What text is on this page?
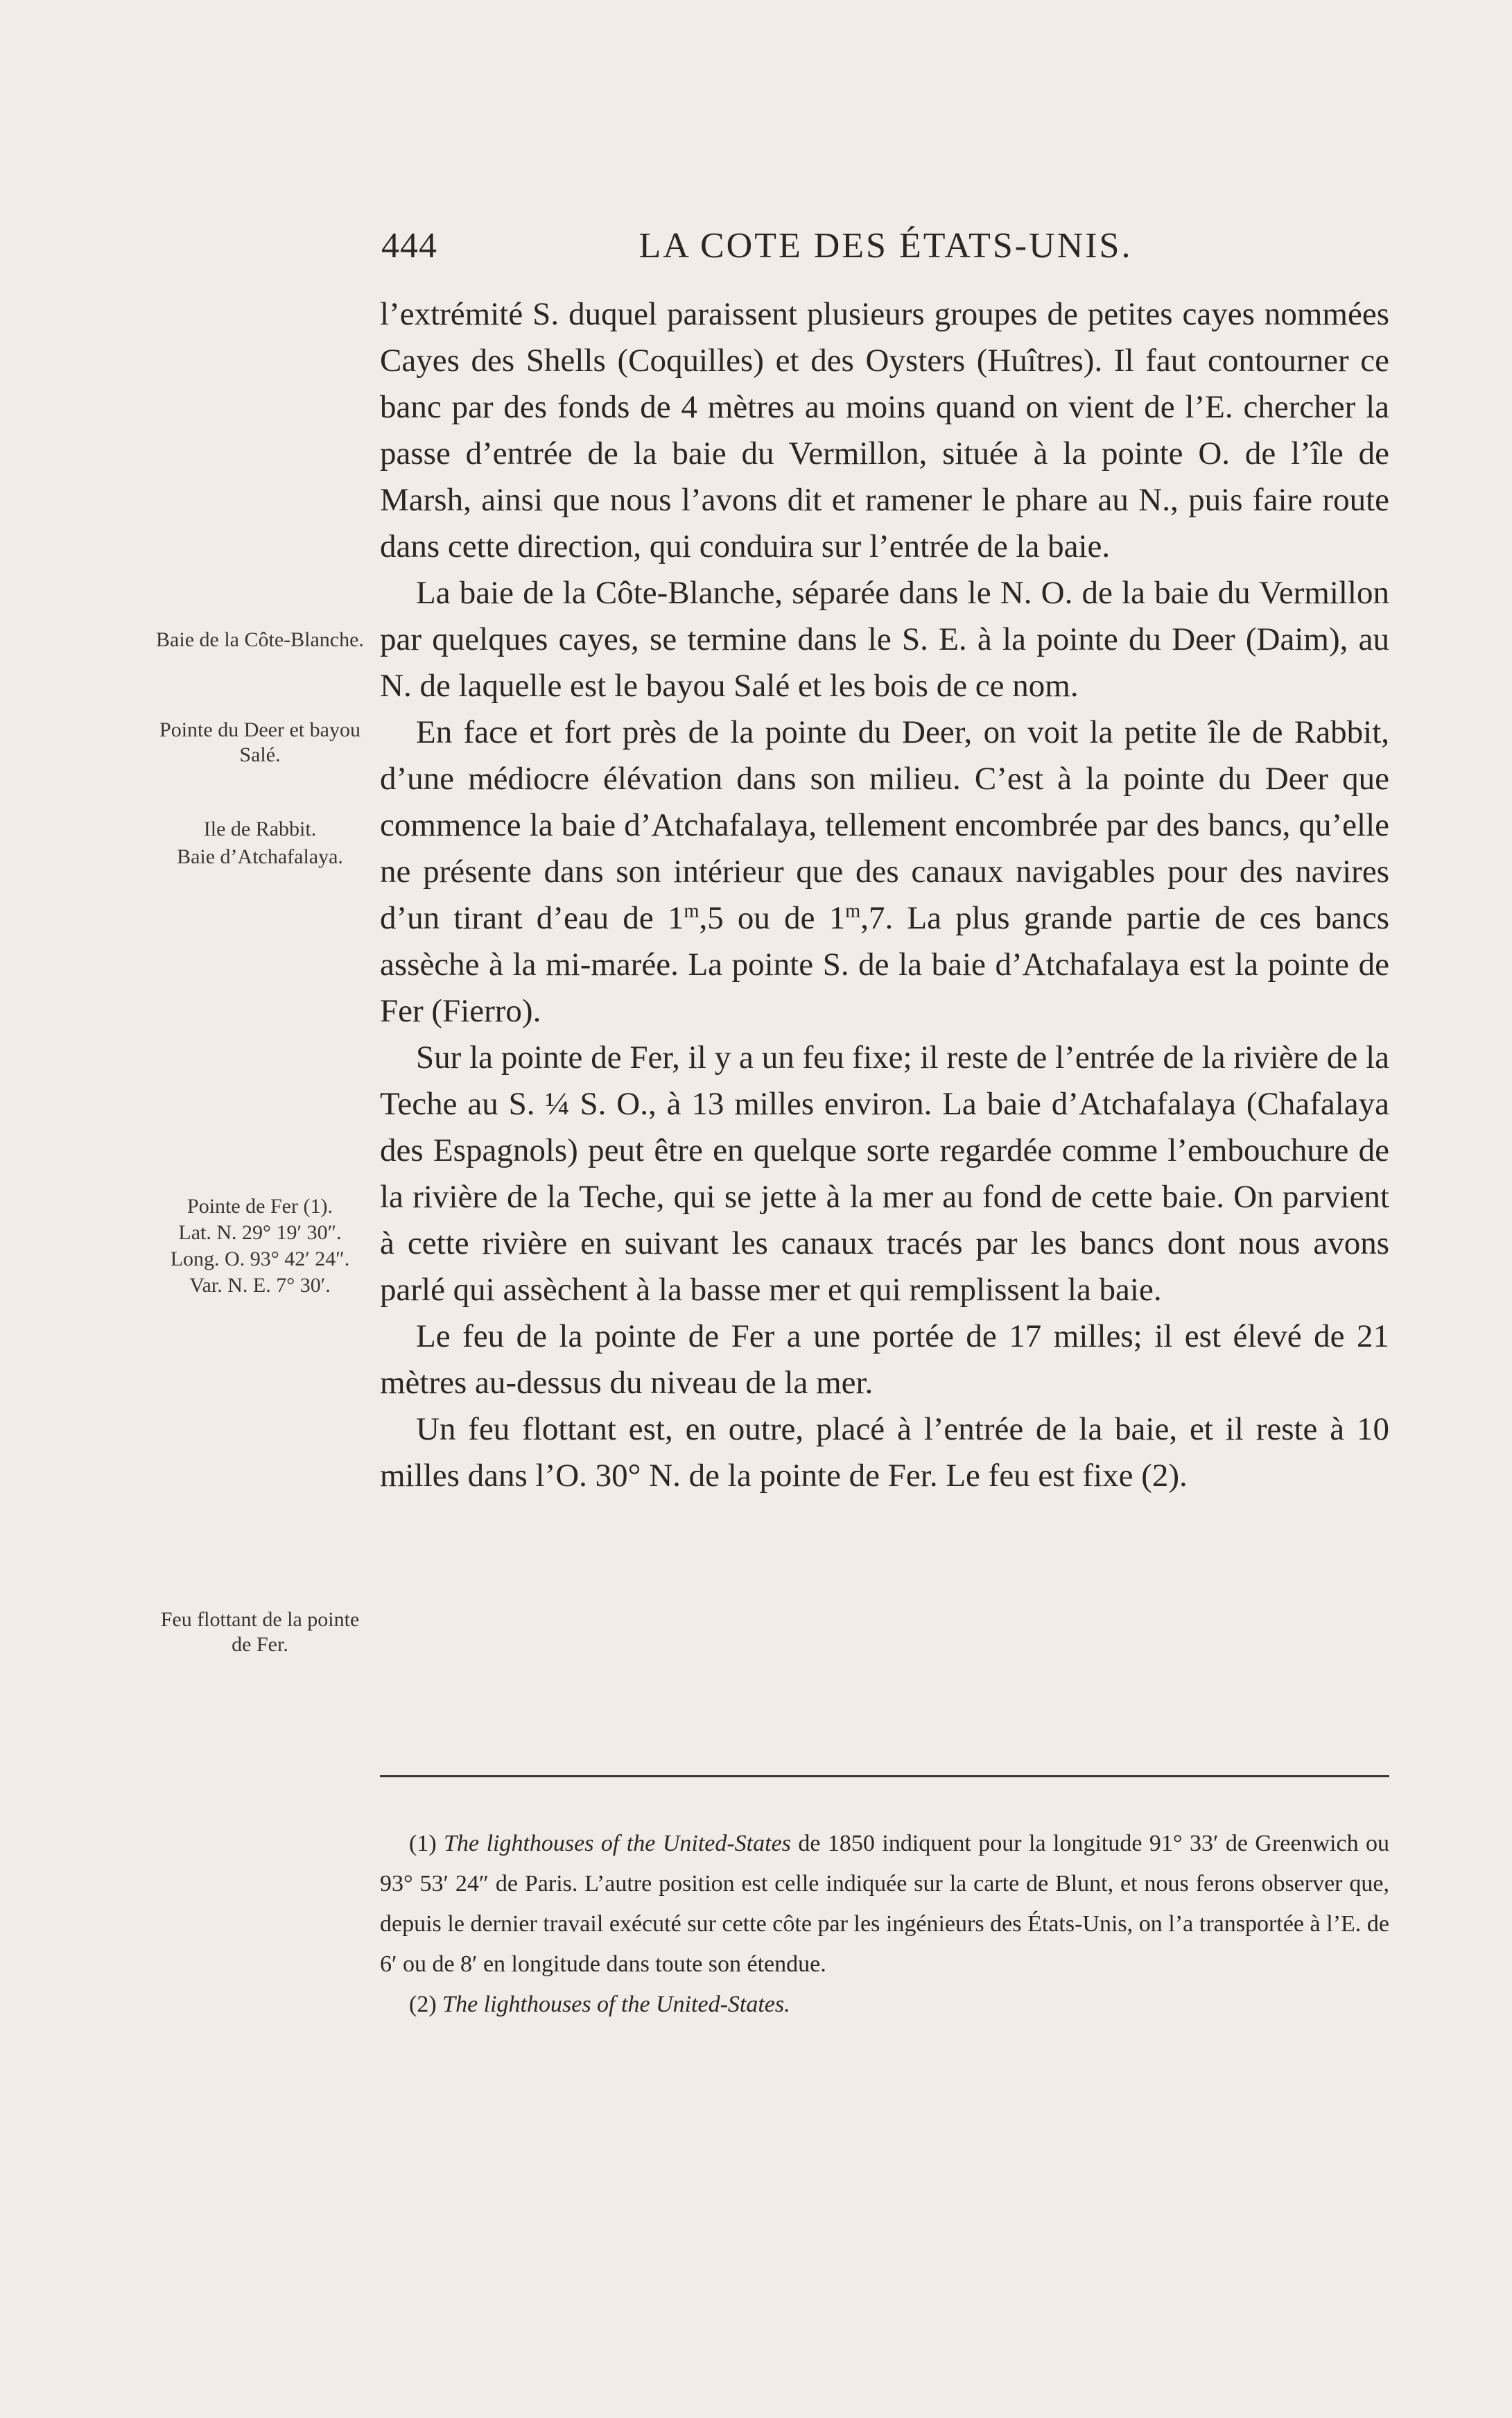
444	LA COTE DES ÉTATS-UNIS.

l’extrémité S. duquel paraissent plusieurs groupes de petites cayes nommées Cayes des Shells (Coquilles) et des Oysters (Huîtres). Il faut contourner ce banc par des fonds de 4 mètres au moins quand on vient de l’E. chercher la passe d’entrée de la baie du Vermillon, située à la pointe O. de l’île de Marsh, ainsi que nous l’avons dit et ramener le phare au N., puis faire route dans cette direction, qui conduira sur l’entrée de la baie.

La baie de la Côte-Blanche, séparée dans le N. O. de la baie du Vermillon par quelques cayes, se termine dans le S. E. à la pointe du Deer (Daim), au N. de laquelle est le bayou Salé et les bois de ce nom.

En face et fort près de la pointe du Deer, on voit la petite île de Rabbit, d’une médiocre élévation dans son milieu. C’est à la pointe du Deer que commence la baie d’Atchafalaya, tellement encombrée par des bancs, qu’elle ne présente dans son intérieur que des canaux navigables pour des navires d’un tirant d’eau de 1$^m$,5 ou de 1$^m$,7. La plus grande partie de ces bancs assèche à la mi-marée. La pointe S. de la baie d’Atchafalaya est la pointe de Fer (Fierro).

Sur la pointe de Fer, il y a un feu fixe; il reste de l’entrée de la rivière de la Teche au S. ¼ S. O., à 13 milles environ. La baie d’Atchafalaya (Chafalaya des Espagnols) peut être en quelque sorte regardée comme l’embouchure de la rivière de la Teche, qui se jette à la mer au fond de cette baie. On parvient à cette rivière en suivant les canaux tracés par les bancs dont nous avons parlé qui assèchent à la basse mer et qui remplissent la baie.

Le feu de la pointe de Fer a une portée de 17 milles; il est élevé de 21 mètres au-dessus du niveau de la mer.

Un feu flottant est, en outre, placé à l’entrée de la baie, et il reste à 10 milles dans l’O. 30° N. de la pointe de Fer. Le feu est fixe (2).

Baie de la Côte-Blanche.
Pointe du Deer et bayou Salé.
Ile de Rabbit.
Baie d’Atchafalaya.
Pointe de Fer (1).
Lat. N. 29° 19′ 30″.
Long. O. 93° 42′ 24″.
Var. N. E. 7° 30′.
Feu flottant de la pointe de Fer.

(1) The lighthouses of the United-States de 1850 indiquent pour la longitude 91° 33′ de Greenwich ou 93° 53′ 24″ de Paris. L’autre position est celle indiquée sur la carte de Blunt, et nous ferons observer que, depuis le dernier travail exécuté sur cette côte par les ingénieurs des États-Unis, on l’a transportée à l’E. de 6′ ou de 8′ en longitude dans toute son étendue.

(2) The lighthouses of the United-States.
